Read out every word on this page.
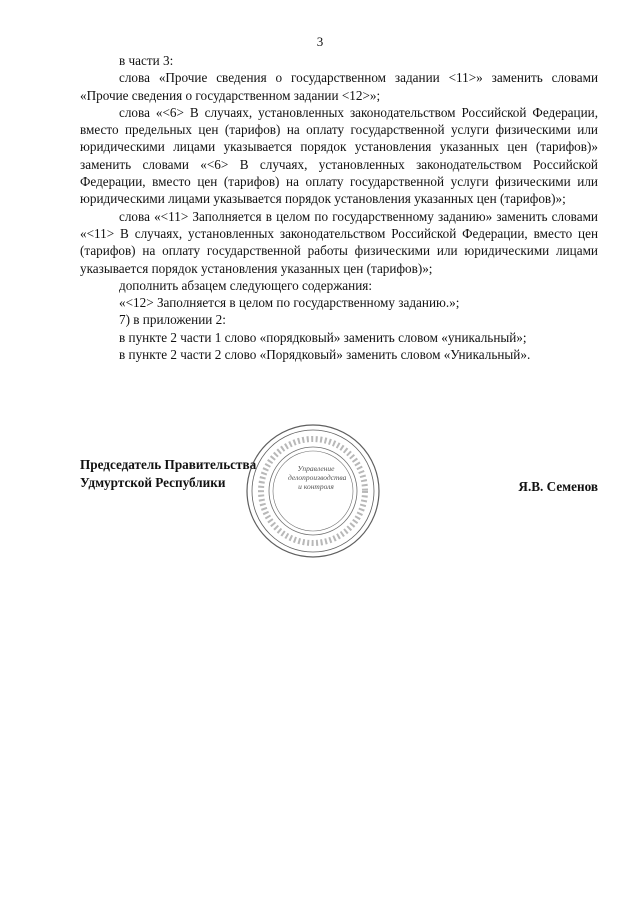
3

в части 3:

слова «Прочие сведения о государственном задании <11>» заменить словами «Прочие сведения о государственном задании <12>»;

слова «<6> В случаях, установленных законодательством Российской Федерации, вместо предельных цен (тарифов) на оплату государственной услуги физическими или юридическими лицами указывается порядок установления указанных цен (тарифов)» заменить словами «<6> В случаях, установленных законодательством Российской Федерации, вместо цен (тарифов) на оплату государственной услуги физическими или юридическими лицами указывается порядок установления указанных цен (тарифов)»;

слова «<11> Заполняется в целом по государственному заданию» заменить словами «<11> В случаях, установленных законодательством Российской Федерации, вместо цен (тарифов) на оплату государственной работы физическими или юридическими лицами указывается порядок установления указанных цен (тарифов)»;

дополнить абзацем следующего содержания:

«<12> Заполняется в целом по государственному заданию.»;

7) в приложении 2:

в пункте 2 части 1 слово «порядковый» заменить словом «уникальный»;

в пункте 2 части 2 слово «Порядковый» заменить словом «Уникальный».

Председатель Правительства
Удмуртской Республики
Управление
делопроизводства
и контроля	Я.В. Семенов
